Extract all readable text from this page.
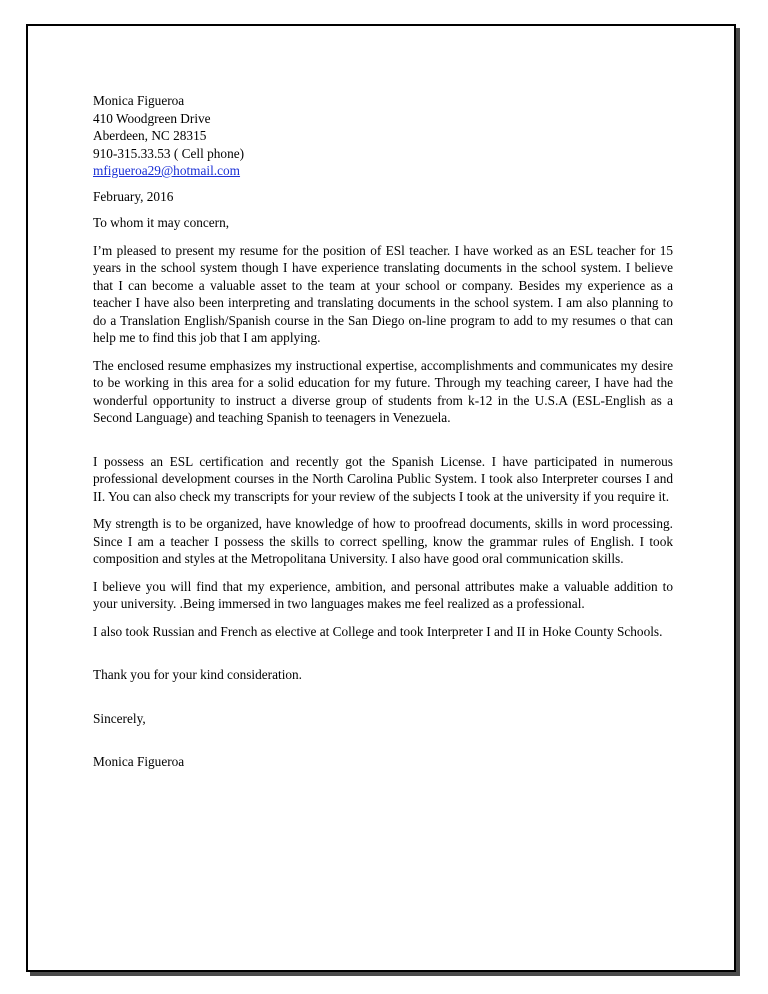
Monica Figueroa
410 Woodgreen Drive
Aberdeen, NC 28315
910-315.33.53 ( Cell phone)
mfigueroa29@hotmail.com

February, 2016

To whom it may concern,

I’m pleased to present my resume for the position of ESl teacher. I have worked as an ESL teacher for 15 years in the school system though I have experience translating documents in the school system. I believe that I can become a valuable asset to the team at your school or company. Besides my experience as a teacher I have also been interpreting and translating documents in the school system. I am also planning to do a Translation English/Spanish course in the San Diego on-line program to add to my resumes o that can help me to find this job that I am applying.

The enclosed resume emphasizes my instructional expertise, accomplishments and communicates my desire to be working in this area for a solid education for my future. Through my teaching career, I have had the wonderful opportunity to instruct a diverse group of students from k-12 in the U.S.A (ESL-English as a Second Language) and teaching Spanish to teenagers in Venezuela.

I possess an ESL certification and recently got the Spanish License. I have participated in numerous professional development courses in the North Carolina Public System. I took also Interpreter courses I and II. You can also check my transcripts for your review of the subjects I took at the university if you require it.

My strength is to be organized, have knowledge of how to proofread documents, skills in word processing. Since I am a teacher I possess the skills to correct spelling, know the grammar rules of English. I took composition and styles at the Metropolitana University. I also have good oral communication skills.

I believe you will find that my experience, ambition, and personal attributes make a valuable addition to your university. .Being immersed in two languages makes me feel realized as a professional.

I also took Russian and French as elective at College and took Interpreter I and II in Hoke County Schools.

Thank you for your kind consideration.

Sincerely,

Monica Figueroa
